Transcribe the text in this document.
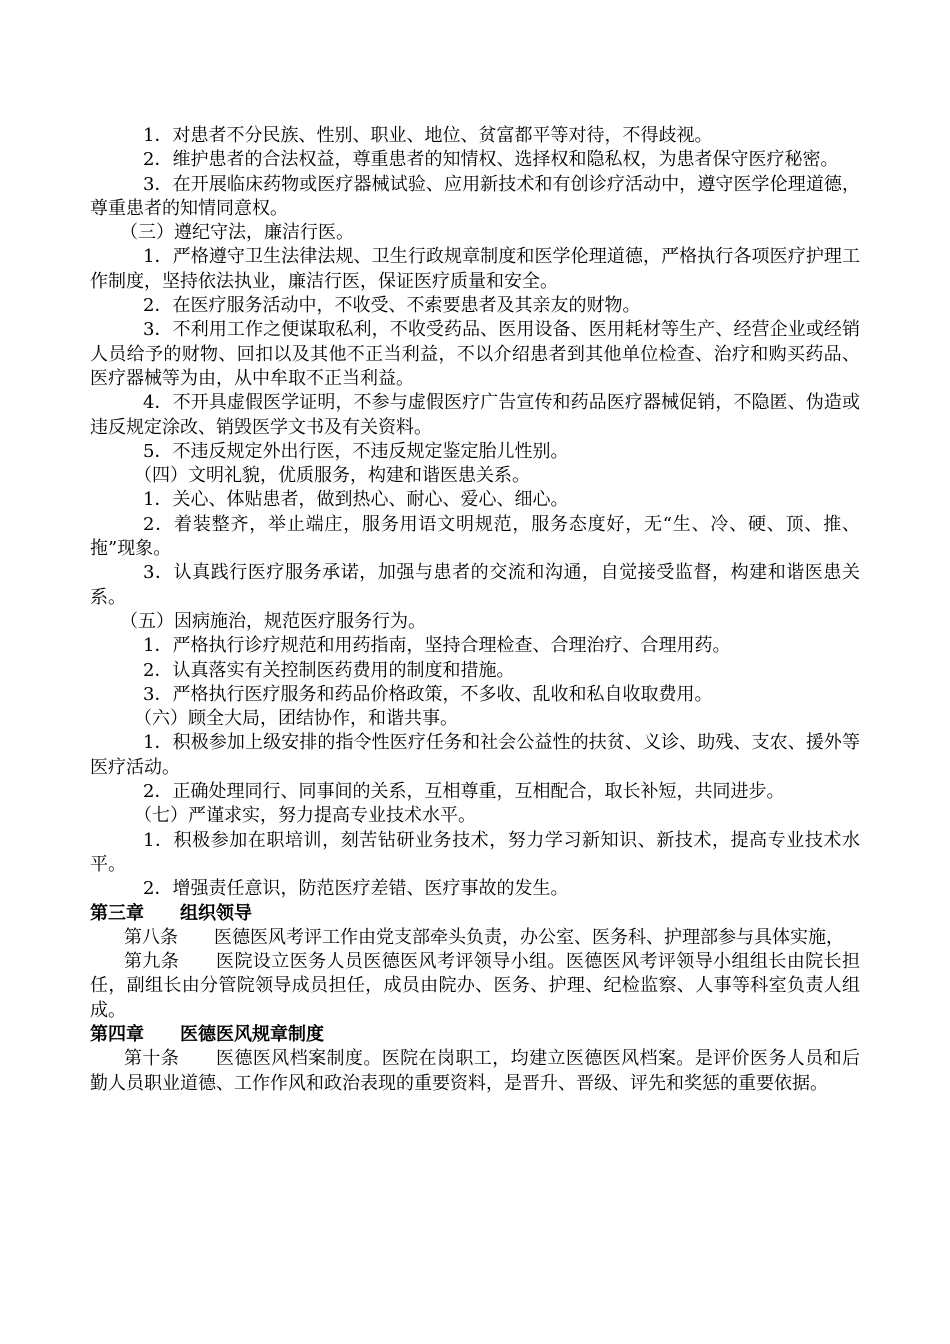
1．对患者不分民族、性别、职业、地位、贫富都平等对待，不得歧视。

2．维护患者的合法权益，尊重患者的知情权、选择权和隐私权，为患者保守医疗秘密。

3．在开展临床药物或医疗器械试验、应用新技术和有创诊疗活动中，遵守医学伦理道德，尊重患者的知情同意权。

（三）遵纪守法，廉洁行医。

1．严格遵守卫生法律法规、卫生行政规章制度和医学伦理道德，严格执行各项医疗护理工作制度，坚持依法执业，廉洁行医，保证医疗质量和安全。

2．在医疗服务活动中，不收受、不索要患者及其亲友的财物。

3．不利用工作之便谋取私利，不收受药品、医用设备、医用耗材等生产、经营企业或经销人员给予的财物、回扣以及其他不正当利益，不以介绍患者到其他单位检查、治疗和购买药品、医疗器械等为由，从中牟取不正当利益。

4．不开具虚假医学证明，不参与虚假医疗广告宣传和药品医疗器械促销，不隐匿、伪造或违反规定涂改、销毁医学文书及有关资料。

5．不违反规定外出行医，不违反规定鉴定胎儿性别。

（四）文明礼貌，优质服务，构建和谐医患关系。

1．关心、体贴患者，做到热心、耐心、爱心、细心。

2．着装整齐，举止端庄，服务用语文明规范，服务态度好，无“生、冷、硬、顶、推、拖”现象。

3．认真践行医疗服务承诺，加强与患者的交流和沟通，自觉接受监督，构建和谐医患关系。

（五）因病施治，规范医疗服务行为。

1．严格执行诊疗规范和用药指南，坚持合理检查、合理治疗、合理用药。

2．认真落实有关控制医药费用的制度和措施。

3．严格执行医疗服务和药品价格政策，不多收、乱收和私自收取费用。

（六）顾全大局，团结协作，和谐共事。

1．积极参加上级安排的指令性医疗任务和社会公益性的扶贫、义诊、助残、支农、援外等医疗活动。

2．正确处理同行、同事间的关系，互相尊重，互相配合，取长补短，共同进步。

（七）严谨求实，努力提高专业技术水平。

1．积极参加在职培训，刻苦钻研业务技术，努力学习新知识、新技术，提高专业技术水平。

2．增强责任意识，防范医疗差错、医疗事故的发生。

第三章　　组织领导

第八条　　医德医风考评工作由党支部牵头负责，办公室、医务科、护理部参与具体实施，

第九条　　医院设立医务人员医德医风考评领导小组。医德医风考评领导小组组长由院长担任，副组长由分管院领导成员担任，成员由院办、医务、护理、纪检监察、人事等科室负责人组成。

第四章　　医德医风规章制度

第十条　　医德医风档案制度。医院在岗职工，均建立医德医风档案。是评价医务人员和后勤人员职业道德、工作作风和政治表现的重要资料，是晋升、晋级、评先和奖惩的重要依据。
